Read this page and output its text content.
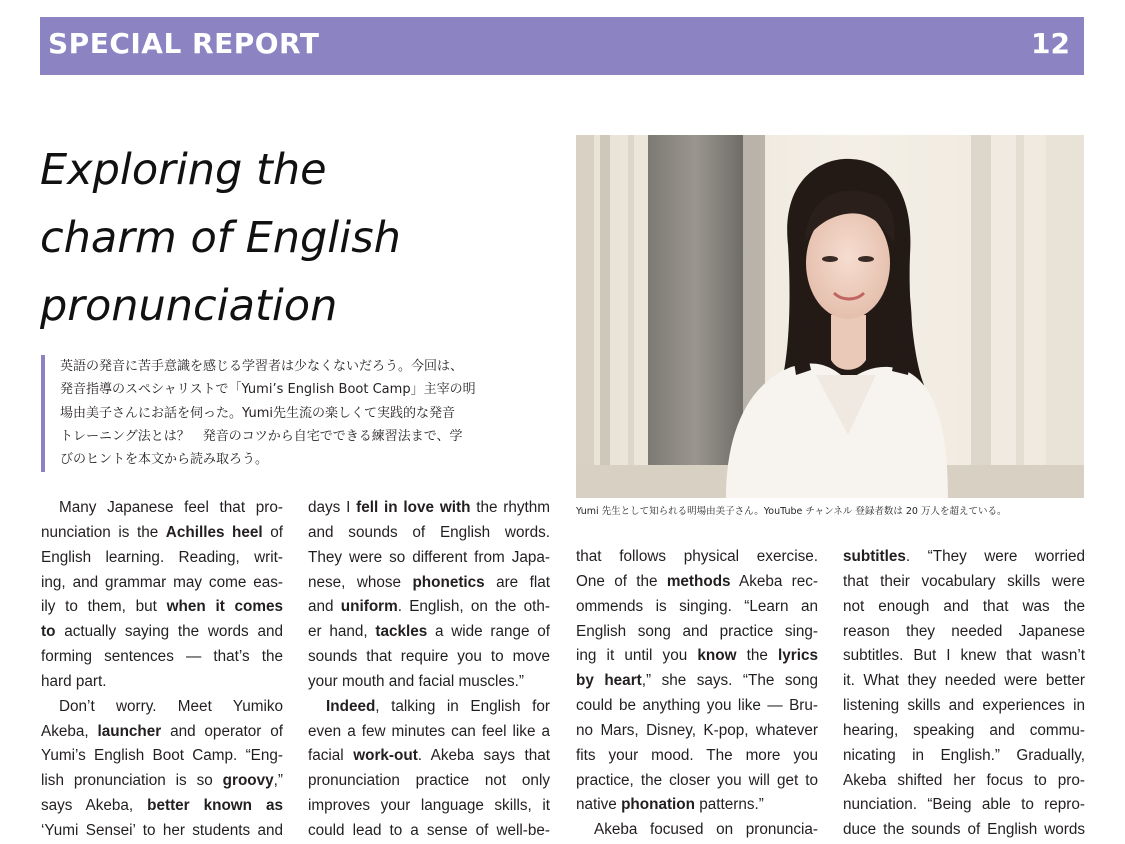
SPECIAL REPORT	12
Exploring the
charm of English
pronunciation
英語の発音に苦手意識を感じる学習者は少なくないだろう。今回は、
発音指導のスペシャリストで「Yumi’s English Boot Camp」主宰の明
場由美子さんにお話を伺った。Yumi先生流の楽しくて実践的な発音
トレーニング法とは？　発音のコツから自宅でできる練習法まで、学
びのヒントを本文から読み取ろう。
Yumi 先生として知られる明場由美子さん。YouTube チャンネル 登録者数は 20 万人を超えている。
Many Japanese feel that pro-
nunciation is the Achilles heel of
English learning. Reading, writ-
ing, and grammar may come eas-
ily to them, but when it comes
to actually saying the words and
forming sentences — that’s the
hard part.
Don’t worry. Meet Yumiko
Akeba, launcher and operator of
Yumi’s English Boot Camp. “Eng-
lish pronunciation is so groovy,”
says Akeba, better known as
‘Yumi Sensei’ to her students and
days I fell in love with the rhythm
and sounds of English words.
They were so different from Japa-
nese, whose phonetics are flat
and uniform. English, on the oth-
er hand, tackles a wide range of
sounds that require you to move
your mouth and facial muscles.”
Indeed, talking in English for
even a few minutes can feel like a
facial work-out. Akeba says that
pronunciation practice not only
improves your language skills, it
could lead to a sense of well-be-
that follows physical exercise.
One of the methods Akeba rec-
ommends is singing. “Learn an
English song and practice sing-
ing it until you know the lyrics
by heart,” she says. “The song
could be anything you like — Bru-
no Mars, Disney, K-pop, whatever
fits your mood. The more you
practice, the closer you will get to
native phonation patterns.”
Akeba focused on pronuncia-
subtitles. “They were worried
that their vocabulary skills were
not enough and that was the
reason they needed Japanese
subtitles. But I knew that wasn’t
it. What they needed were better
listening skills and experiences in
hearing, speaking and commu-
nicating in English.” Gradually,
Akeba shifted her focus to pro-
nunciation. “Being able to repro-
duce the sounds of English words
